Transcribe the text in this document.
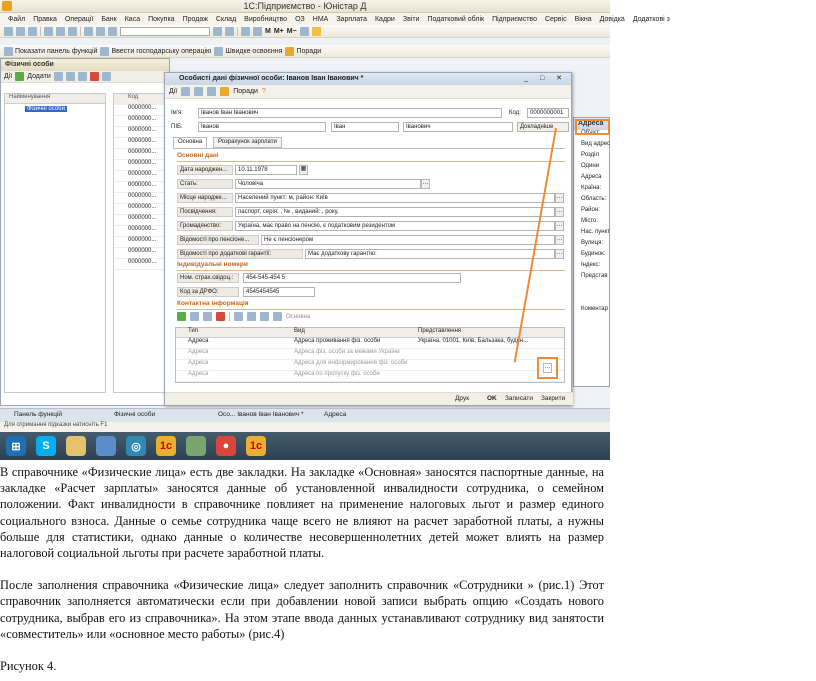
1С:Підприємство - Юністар Д
Файл Правка Операції Банк Каса Покупка Продаж Склад Виробництво ОЗ НМА Зарплата Кадри Звіти Податковий облік Підприємство Сервіс Вікна Довідка Додаткові з
M M+ M−
Показати панель функцій Ввести господарську операцію Швидке освоєння Поради
Фізичні особи
Дії Додати
Найменування
Фізичні особи
Код
0000000...
0000000...
0000000...
0000000...
0000000...
0000000...
0000000...
0000000...
0000000...
0000000...
0000000...
0000000...
0000000...
0000000...
0000000...
Адреса
Об'єкт:
Вид адрес
Розділ
Одини
Адреса
Країна:
Область:
Район:
Місто:
Нас. пункт
Вулиця:
Будинок:
Індекс:
Представ
Коментар
Особисті дані фізичної особи: Іванов Іван Іванович *	_ □ ✕
Дії	Поради ?
Ім'я:	Іванов Іван Іванович	Код:	0000000001
ПІБ:	Іванов	Іван	Іванович	Докладніше
Основна	Розрахунок зарплати
Основні дані
Дата народжен...	10.11.1978	▦
Стать:	Чоловіча	…
Місце народже...	Населений пункт: м, район: Київ	…
Посвідчення:	паспорт, серія: , № , виданий: , року,	…
Громадянство:	Україна, має право на пенсію, є податковим резидентом	…
Відомості про пенсіоне...	Не є пенсіонером	…
Відомості про додаткові гарантії:	Має додаткову гарантію:	…
Індивідуальні номери
Ном. страх.свідоц.:	454-545-454 5
Код за ДРФО:	4545454545
Контактна інформація
Основна
Тип	Вид	Представлення
Адреса	Адреса проживання фіз. особи	Україна, 01001, Київ, Бальзака, будин...
Адреса	Адреса фіз. особи за межами України
Адреса	Адреса для информирования фіз. особи
Адреса	Адреса по пропуску фіз. особи
…
Друк	OK Записати Закрити
Панель функцій	Фізичні особи	Осо... Іванов Іван Іванович *	Адреса
Для отримання підказки натисніть F1
⊞	S	◎	1c	●	1c

В справочнике «Физические лица» есть две закладки. На закладке «Основная» заносятся паспортные данные, на закладке «Расчет зарплаты» заносятся данные об установленной инвалидности сотрудника, о семейном положении. Факт инвалидности в справочнике повлияет на применение налоговых льгот и размер единого социального взноса. Данные о семье сотрудника чаще всего не влияют на расчет заработной платы, а нужны больше для статистики, однако данные о количестве несовершеннолетних детей может влиять на размер налоговой социальной льготы при расчете заработной платы.

После заполнения справочника «Физические лица» следует заполнить справочник «Сотрудники » (рис.1) Этот справочник заполняется автоматически если при добавлении новой записи выбрать опцию «Создать нового сотрудника, выбрав его из справочника». На этом этапе ввода данных устанавливают сотруднику вид занятости «совместитель» или «основное место работы» (рис.4)

Рисунок 4.
